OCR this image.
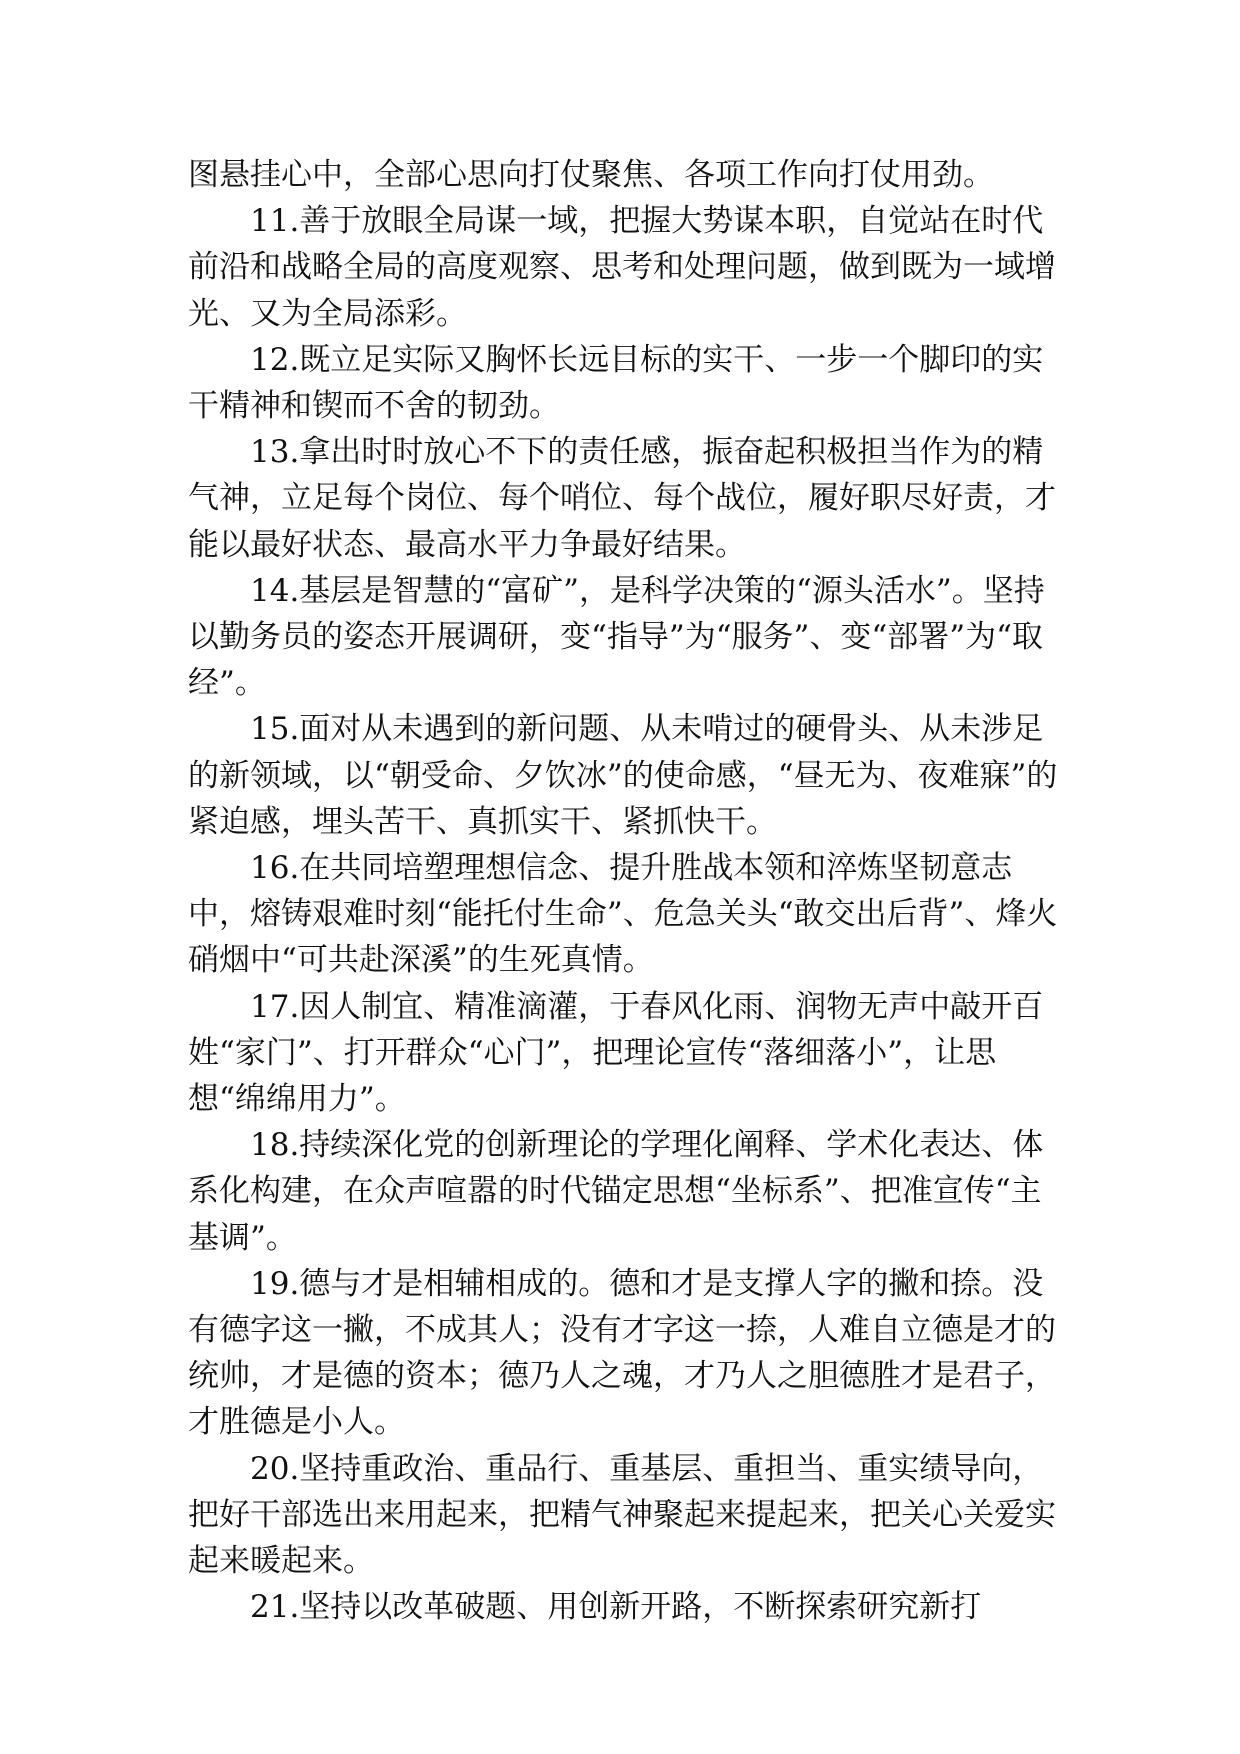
图悬挂心中，全部心思向打仗聚焦、各项工作向打仗用劲。

11.善于放眼全局谋一域，把握大势谋本职，自觉站在时代前沿和战略全局的高度观察、思考和处理问题，做到既为一域增光、又为全局添彩。

12.既立足实际又胸怀长远目标的实干、一步一个脚印的实干精神和锲而不舍的韧劲。

13.拿出时时放心不下的责任感，振奋起积极担当作为的精气神，立足每个岗位、每个哨位、每个战位，履好职尽好责，才能以最好状态、最高水平力争最好结果。

14.基层是智慧的“富矿”，是科学决策的“源头活水”。坚持以勤务员的姿态开展调研，变“指导”为“服务”、变“部署”为“取经”。

15.面对从未遇到的新问题、从未啃过的硬骨头、从未涉足的新领域，以“朝受命、夕饮冰”的使命感，“昼无为、夜难寐”的紧迫感，埋头苦干、真抓实干、紧抓快干。

16.在共同培塑理想信念、提升胜战本领和淬炼坚韧意志中，熔铸艰难时刻“能托付生命”、危急关头“敢交出后背”、烽火硝烟中“可共赴深溪”的生死真情。

17.因人制宜、精准滴灌，于春风化雨、润物无声中敲开百姓“家门”、打开群众“心门”，把理论宣传“落细落小”，让思想“绵绵用力”。

18.持续深化党的创新理论的学理化阐释、学术化表达、体系化构建，在众声喧嚣的时代锚定思想“坐标系”、把准宣传“主基调”。

19.德与才是相辅相成的。德和才是支撑人字的撇和捺。没有德字这一撇，不成其人；没有才字这一捺，人难自立德是才的统帅，才是德的资本；德乃人之魂，才乃人之胆德胜才是君子，才胜德是小人。

20.坚持重政治、重品行、重基层、重担当、重实绩导向，把好干部选出来用起来，把精气神聚起来提起来，把关心关爱实起来暖起来。

21.坚持以改革破题、用创新开路，不断探索研究新打
